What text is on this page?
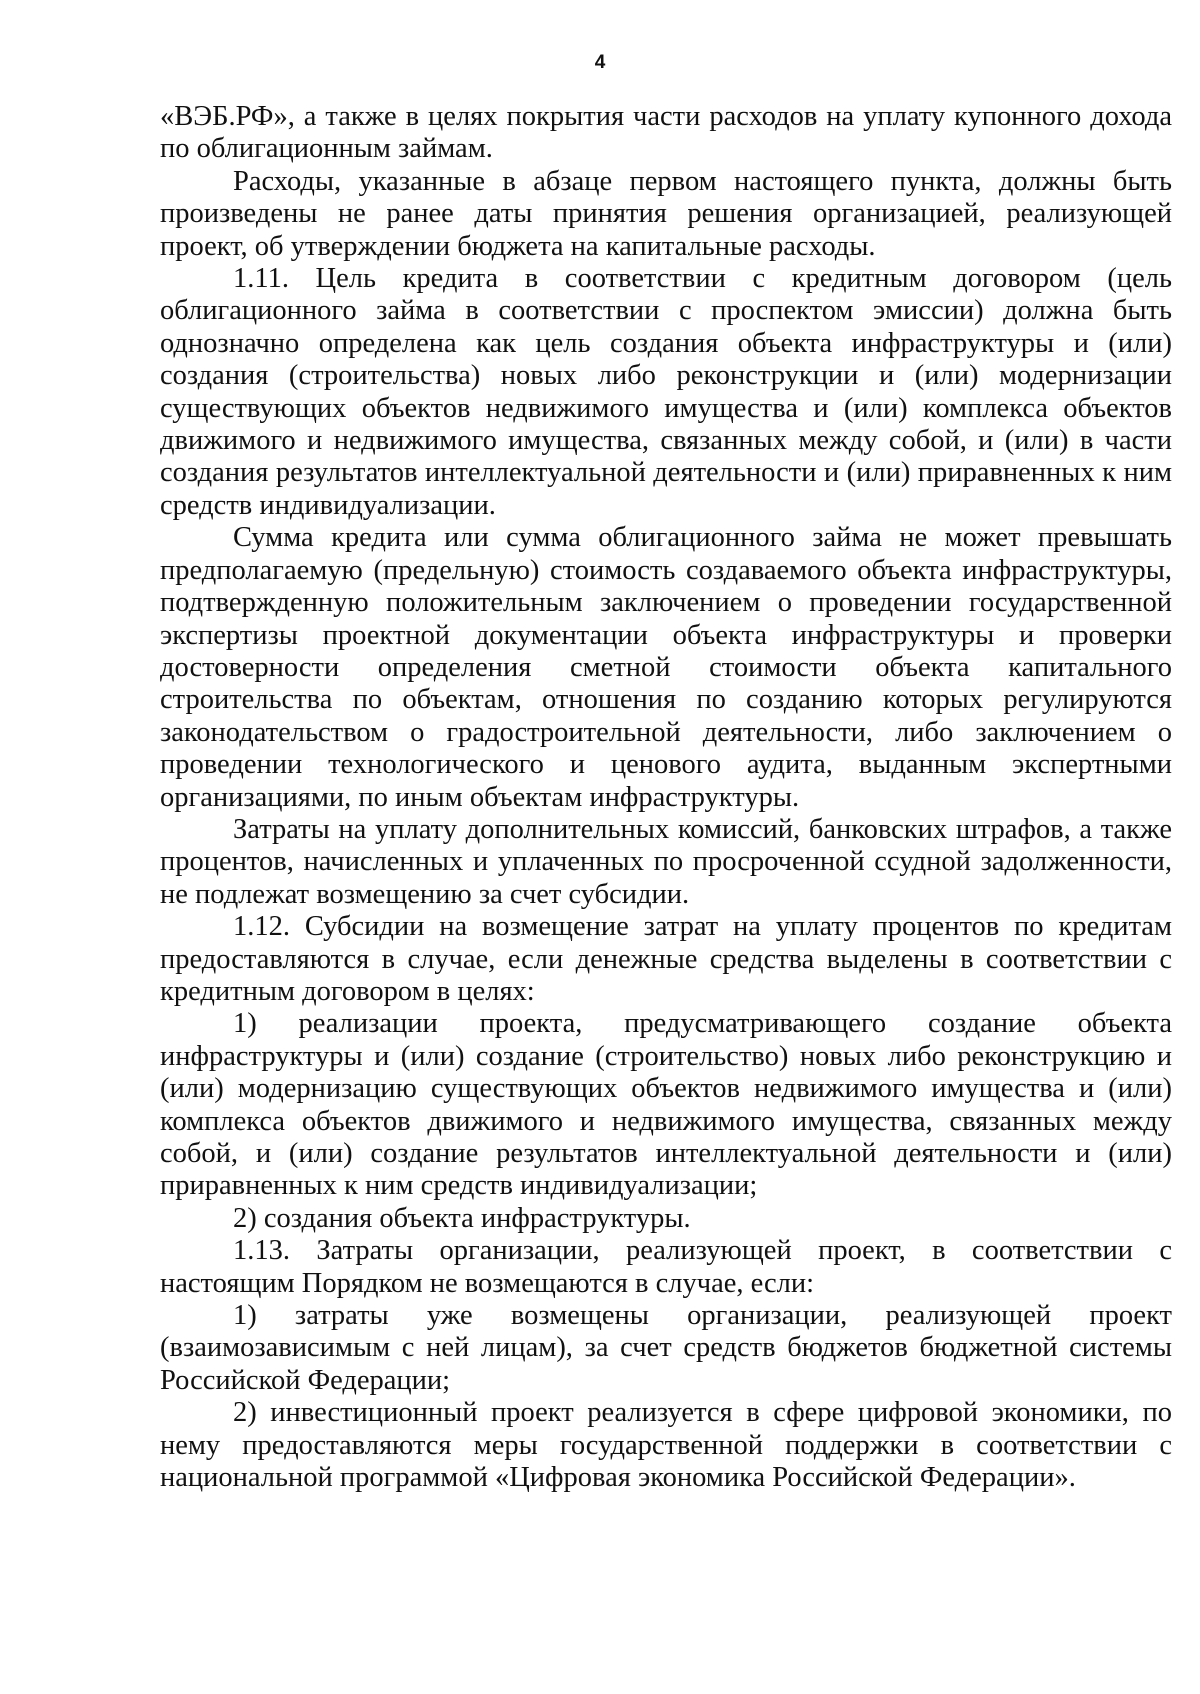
4

«ВЭБ.РФ», а также в целях покрытия части расходов на уплату купонного дохода по облигационным займам.

Расходы, указанные в абзаце первом настоящего пункта, должны быть произведены не ранее даты принятия решения организацией, реализующей проект, об утверждении бюджета на капитальные расходы.

1.11. Цель кредита в соответствии с кредитным договором (цель облигационного займа в соответствии с проспектом эмиссии) должна быть однозначно определена как цель создания объекта инфраструктуры и (или) создания (строительства) новых либо реконструкции и (или) модернизации существующих объектов недвижимого имущества и (или) комплекса объектов движимого и недвижимого имущества, связанных между собой, и (или) в части создания результатов интеллектуальной деятельности и (или) приравненных к ним средств индивидуализации.

Сумма кредита или сумма облигационного займа не может превышать предполагаемую (предельную) стоимость создаваемого объекта инфраструктуры, подтвержденную положительным заключением о проведении государственной экспертизы проектной документации объекта инфраструктуры и проверки достоверности определения сметной стоимости объекта капитального строительства по объектам, отношения по созданию которых регулируются законодательством о градостроительной деятельности, либо заключением о проведении технологического и ценового аудита, выданным экспертными организациями, по иным объектам инфраструктуры.

Затраты на уплату дополнительных комиссий, банковских штрафов, а также процентов, начисленных и уплаченных по просроченной ссудной задолженности, не подлежат возмещению за счет субсидии.

1.12. Субсидии на возмещение затрат на уплату процентов по кредитам предоставляются в случае, если денежные средства выделены в соответствии с кредитным договором в целях:

1) реализации проекта, предусматривающего создание объекта инфраструктуры и (или) создание (строительство) новых либо реконструкцию и (или) модернизацию существующих объектов недвижимого имущества и (или) комплекса объектов движимого и недвижимого имущества, связанных между собой, и (или) создание результатов интеллектуальной деятельности и (или) приравненных к ним средств индивидуализации;

2) создания объекта инфраструктуры.

1.13. Затраты организации, реализующей проект, в соответствии с настоящим Порядком не возмещаются в случае, если:

1) затраты уже возмещены организации, реализующей проект (взаимозависимым с ней лицам), за счет средств бюджетов бюджетной системы Российской Федерации;

2) инвестиционный проект реализуется в сфере цифровой экономики, по нему предоставляются меры государственной поддержки в соответствии с национальной программой «Цифровая экономика Российской Федерации».
